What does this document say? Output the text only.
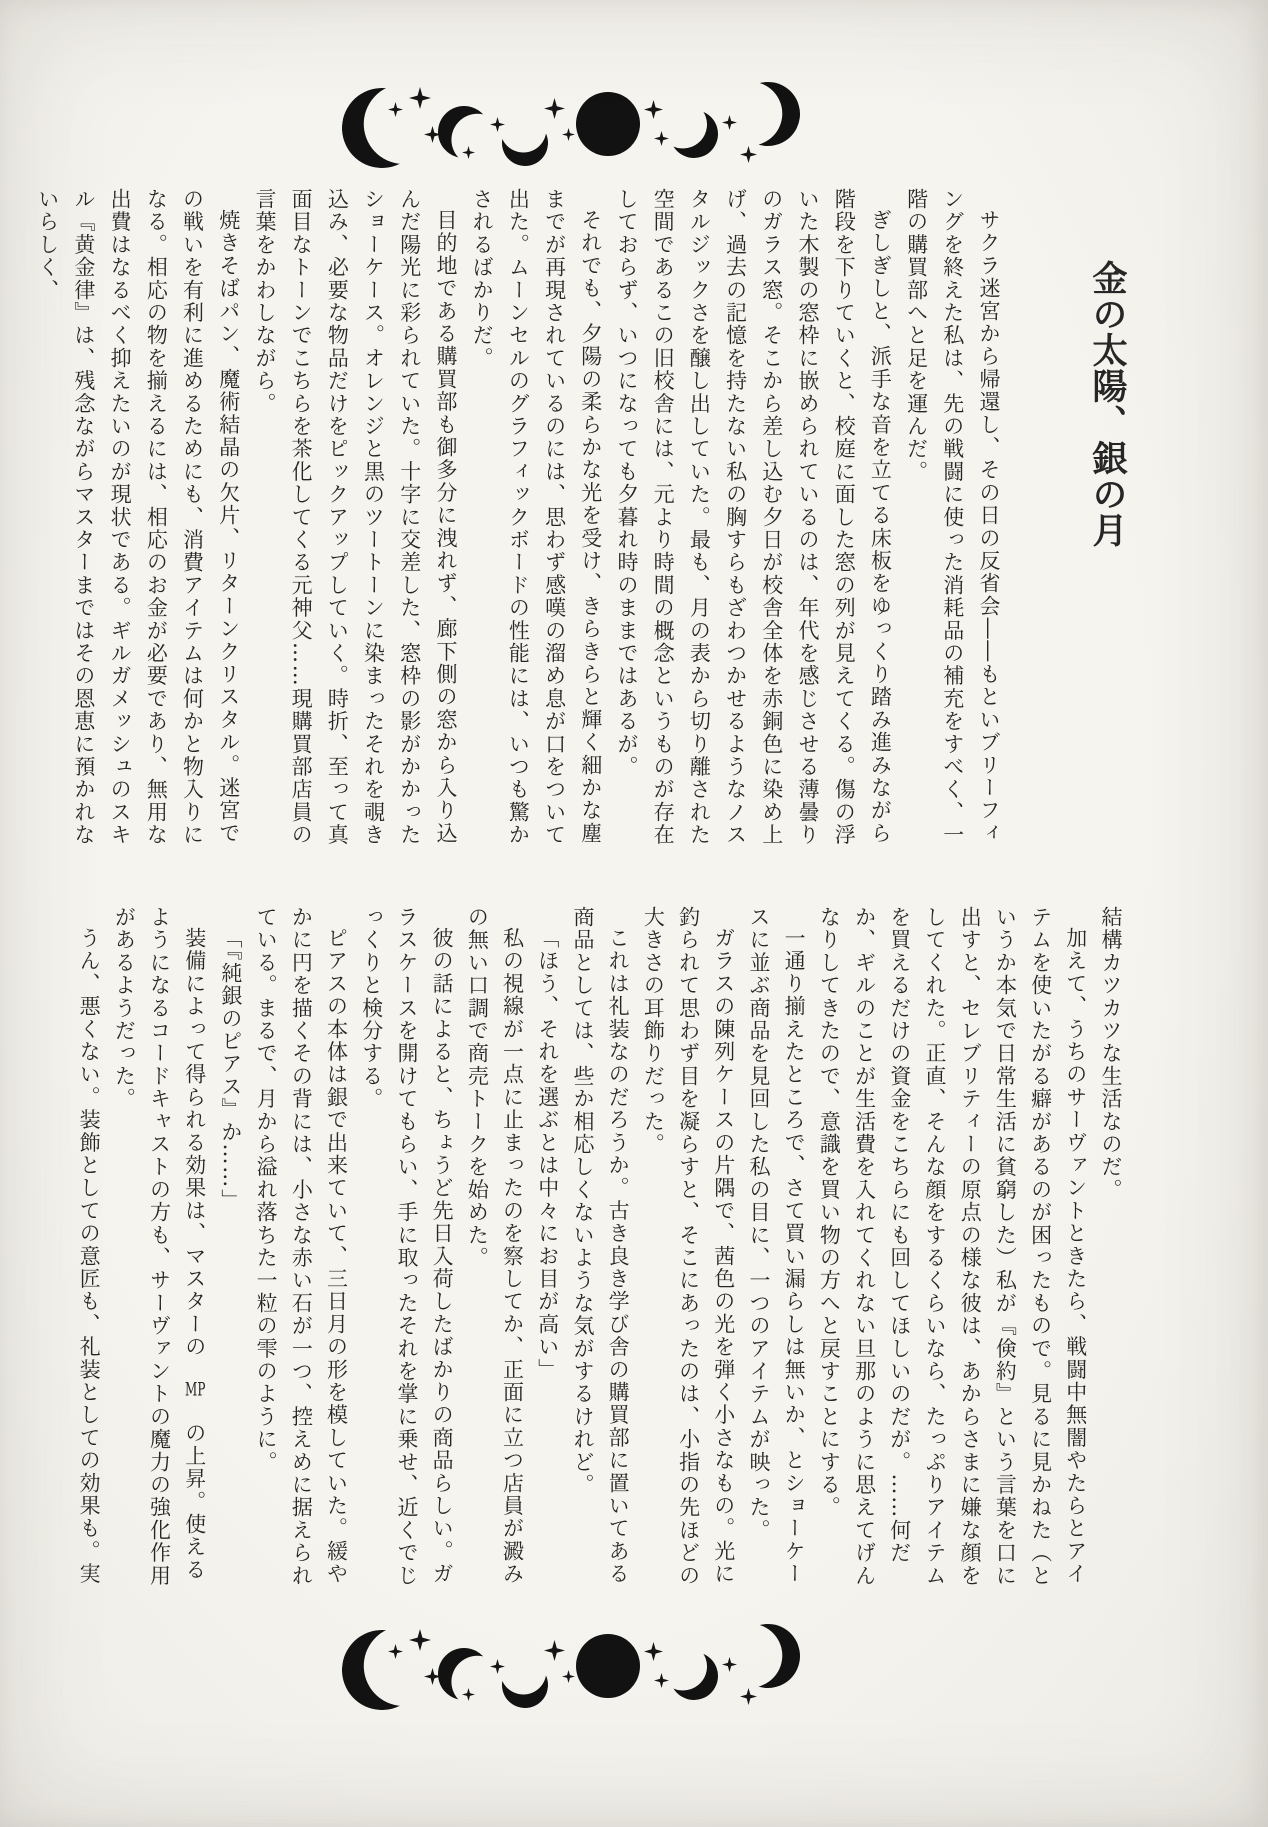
金の太陽、銀の月

サクラ迷宮から帰還し、その日の反省会――もといブリーフィングを終えた私は、先の戦闘に使った消耗品の補充をすべく、一階の購買部へと足を運んだ。

ぎしぎしと、派手な音を立てる床板をゆっくり踏み進みながら階段を下りていくと、校庭に面した窓の列が見えてくる。傷の浮いた木製の窓枠に嵌められているのは、年代を感じさせる薄曇りのガラス窓。そこから差し込む夕日が校舎全体を赤銅色に染め上げ、過去の記憶を持たない私の胸すらもざわつかせるようなノスタルジックさを醸し出していた。最も、月の表から切り離された空間であるこの旧校舎には、元より時間の概念というものが存在しておらず、いつになっても夕暮れ時のままではあるが。

それでも、夕陽の柔らかな光を受け、きらきらと輝く細かな塵までが再現されているのには、思わず感嘆の溜め息が口をついて出た。ムーンセルのグラフィックボードの性能には、いつも驚かされるばかりだ。

目的地である購買部も御多分に洩れず、廊下側の窓から入り込んだ陽光に彩られていた。十字に交差した、窓枠の影がかかったショーケース。オレンジと黒のツートーンに染まったそれを覗き込み、必要な物品だけをピックアップしていく。時折、至って真面目なトーンでこちらを茶化してくる元神父……現購買部店員の言葉をかわしながら。

焼きそばパン、魔術結晶の欠片、リターンクリスタル。迷宮での戦いを有利に進めるためにも、消費アイテムは何かと物入りになる。相応の物を揃えるには、相応のお金が必要であり、無用な出費はなるべく抑えたいのが現状である。ギルガメッシュのスキル『黄金律』は、残念ながらマスターまではその恩恵に預かれないらしく、

結構カツカツな生活なのだ。

加えて、うちのサーヴァントときたら、戦闘中無闇やたらとアイテムを使いたがる癖があるのが困ったもので。見るに見かねた（というか本気で日常生活に貧窮した）私が『倹約』という言葉を口に出すと、セレブリティーの原点の様な彼は、あからさまに嫌な顔をしてくれた。正直、そんな顔をするくらいなら、たっぷりアイテムを買えるだけの資金をこちらにも回してほしいのだが。……何だか、ギルのことが生活費を入れてくれない旦那のように思えてげんなりしてきたので、意識を買い物の方へと戻すことにする。

一通り揃えたところで、さて買い漏らしは無いか、とショーケースに並ぶ商品を見回した私の目に、一つのアイテムが映った。

ガラスの陳列ケースの片隅で、茜色の光を弾く小さなもの。光に釣られて思わず目を凝らすと、そこにあったのは、小指の先ほどの大きさの耳飾りだった。

これは礼装なのだろうか。古き良き学び舎の購買部に置いてある商品としては、些か相応しくないような気がするけれど。

「ほう、それを選ぶとは中々にお目が高い」

私の視線が一点に止まったのを察してか、正面に立つ店員が澱みの無い口調で商売トークを始めた。

彼の話によると、ちょうど先日入荷したばかりの商品らしい。ガラスケースを開けてもらい、手に取ったそれを掌に乗せ、近くでじっくりと検分する。

ピアスの本体は銀で出来ていて、三日月の形を模していた。緩やかに円を描くその背には、小さな赤い石が一つ、控えめに据えられている。まるで、月から溢れ落ちた一粒の雫のように。

「『純銀のピアス』か……」

装備によって得られる効果は、マスターの　MP　の上昇。使えるようになるコードキャストの方も、サーヴァントの魔力の強化作用があるようだった。

うん、悪くない。装飾としての意匠も、礼装としての効果も。実
